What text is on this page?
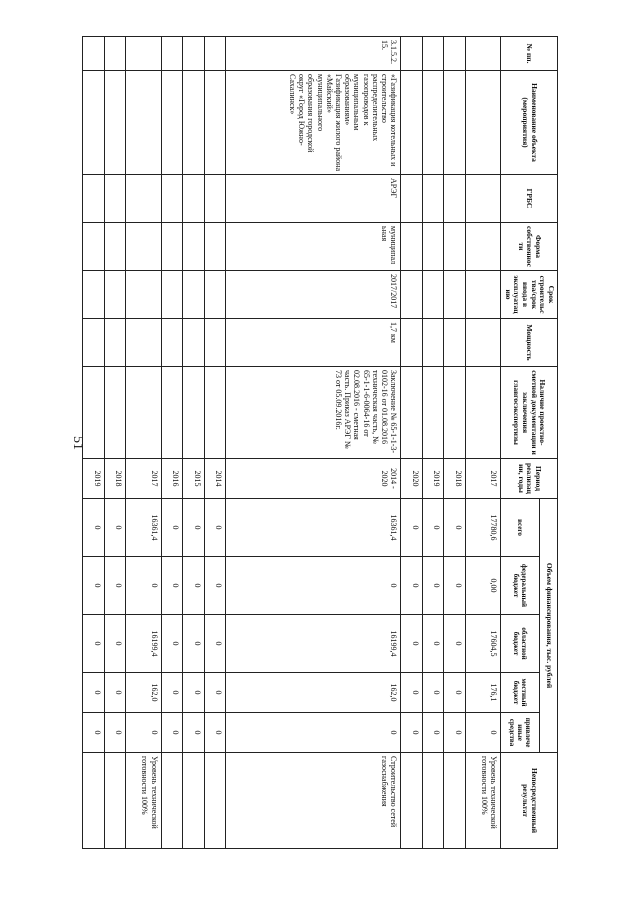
51
№ пп.	Наименование объекта (мероприятия)	ГРБС	Форма собственности	Срок строительства/срок ввода в эксплуатацию	Мощность	Наличие проектно-сметной документации и заключения главгосэкспертизы	Период реализации, годы	Объем финансирования, тыс. рублей					Непосредственный результат
								всего	федеральный бюджет	областной бюджет	местный бюджет	привлеченные средства	
							2017	17780,6	0,00	17604,5	176,1	0	Уровень технической готовности 100%
							2018	0	0	0	0	0	
							2019	0	0	0	0	0	
							2020	0	0	0	0	0	
3.1.5.2.15.	«Газификация котельных и строительство распределительных газопроводов к муниципальным образованиям» Газификация жилого района «Майский» муниципального образования городской округ «Город Южно-Сахалинск»	АРЭГ	муниципальная	2017/2017	1,7 км	Заключение № 65-1-1-3-0102-16 от 01.08.2016 техническая часть, № 65-1-1-6-0064-16 от 02.08.2016 - сметная часть. Приказ АРЭГ № 73 от 05.09.2016г.	2014 - 2020	16361,4	0	16199,4	162,0	0	Строительство сетей газоснабжения
							2014	0	0	0	0	0	
							2015	0	0	0	0	0	
							2016	0	0	0	0	0	
							2017	16361,4	0	16199,4	162,0	0	Уровень технической готовности 100%
							2018	0	0	0	0	0	
							2019	0	0	0	0	0	
